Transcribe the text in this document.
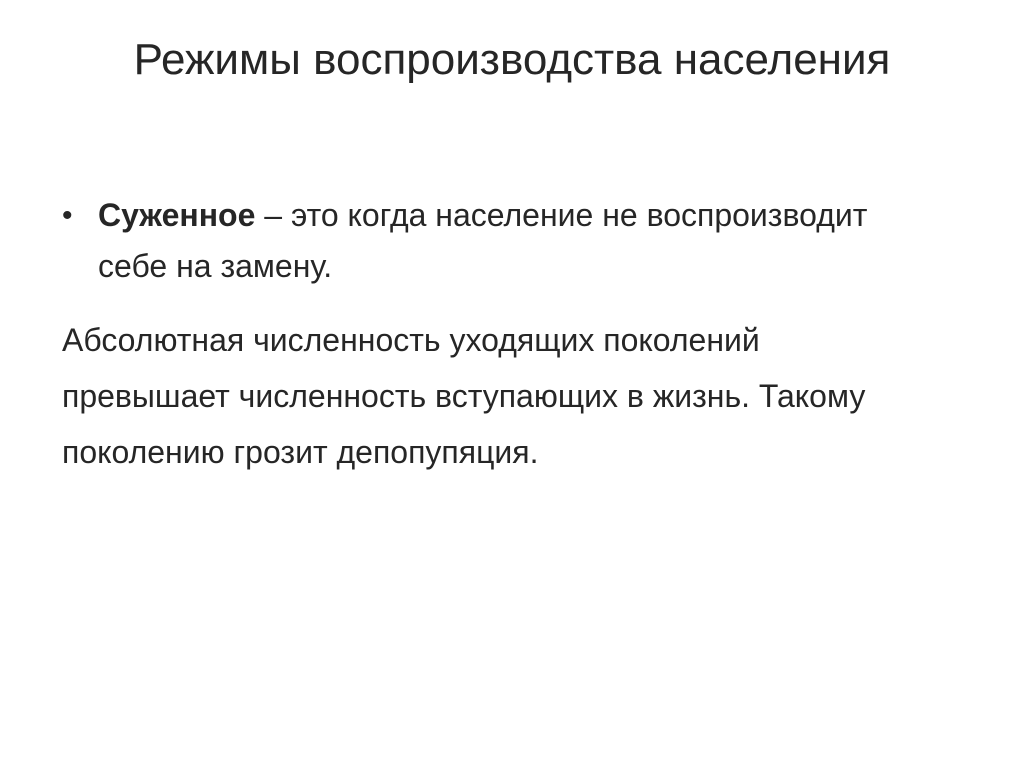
Режимы воспроизводства населения
• Суженное – это когда население не воспроизводит себе на замену.

Абсолютная численность уходящих поколений превышает численность вступающих в жизнь. Такому поколению грозит депопупяция.
